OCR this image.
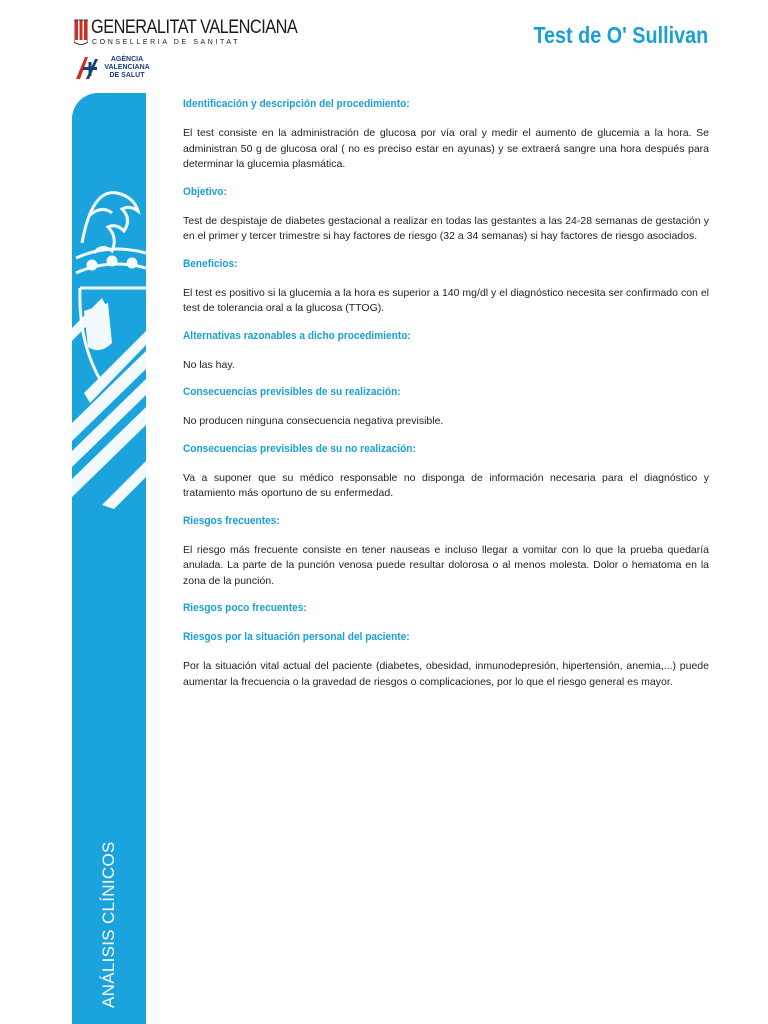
GENERALITAT VALENCIANA
CONSELLERIA DE SANITAT
AGÈNCIA VALENCIANA DE SALUT
Test de O' Sullivan
ANÁLISIS CLÍNICOS
Identificación y descripción del procedimiento:
El test consiste en la administración de glucosa por vía oral y medir el aumento de glucemia a la hora. Se administran 50 g de glucosa oral ( no es preciso estar en ayunas) y se extraerá sangre una hora después para determinar la glucemia plasmática.
Objetivo:
Test de despistaje de diabetes gestacional a realizar en todas las gestantes a las 24-28 semanas de gestación y en el primer y tercer trimestre si hay factores de riesgo (32 a 34 semanas) si hay factores de riesgo asociados.
Beneficios:
El test es positivo si la glucemia a la hora es superior a 140 mg/dl y el diagnóstico necesita ser confirmado con el test de tolerancia oral a la glucosa (TTOG).
Alternativas razonables a dicho procedimiento:
No las hay.
Consecuencias previsibles de su realización:
No producen ninguna consecuencia negativa previsible.
Consecuencias previsibles de su no realización:
Va a suponer que su médico responsable no disponga de información necesaria para el diagnóstico y tratamiento más oportuno de su enfermedad.
Riesgos frecuentes:
El riesgo más frecuente consiste en tener nauseas e incluso llegar a vomitar con lo que la prueba quedaría anulada. La parte de la punción venosa puede resultar dolorosa o al menos molesta. Dolor o hematoma en la zona de la punción.
Riesgos poco frecuentes:
Riesgos por la situación personal del paciente:
Por la situación vital actual del paciente (diabetes, obesidad, inmunodepresión, hipertensión, anemia,...) puede aumentar la frecuencia o la gravedad de riesgos o complicaciones, por lo que el riesgo general es mayor.
